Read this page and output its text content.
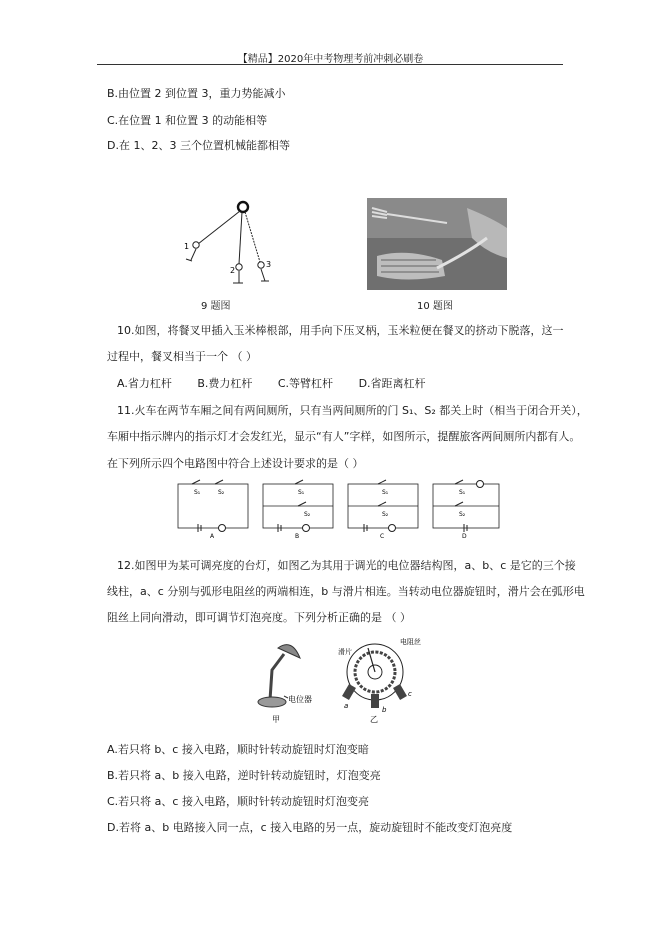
【精品】2020年中考物理考前冲刺必刷卷
B.由位置 2 到位置 3，重力势能减小
C.在位置 1 和位置 3 的动能相等
D.在 1、2、3 三个位置机械能都相等
1
2
3
9 题图	10 题图
10.如图，将餐叉甲插入玉米棒根部，用手向下压叉柄，玉米粒便在餐叉的挤动下脱落，这一
过程中，餐叉相当于一个 （ ）
A.省力杠杆 B.费力杠杆 C.等臂杠杆 D.省距离杠杆
11.火车在两节车厢之间有两间厕所，只有当两间厕所的门 S₁、S₂ 都关上时（相当于闭合开关），
车厢中指示牌内的指示灯才会发红光，显示“有人”字样，如图所示，提醒旅客两间厕所内都有人。
在下列所示四个电路图中符合上述设计要求的是（ ）
S₁	S₂
A
S₁
S₂
B
S₁
S₂
C
S₁
S₂
D
12.如图甲为某可调亮度的台灯，如图乙为其用于调光的电位器结构图，a、b、c 是它的三个接
线柱，a、c 分别与弧形电阻丝的两端相连，b 与滑片相连。当转动电位器旋钮时，滑片会在弧形电
阻丝上同向滑动，即可调节灯泡亮度。下列分析正确的是 （ ）
电位器
甲
滑片
电阻丝
a	b
c
乙
A.若只将 b、c 接入电路，顺时针转动旋钮时灯泡变暗
B.若只将 a、b 接入电路，逆时针转动旋钮时，灯泡变亮
C.若只将 a、c 接入电路，顺时针转动旋钮时灯泡变亮
D.若将 a、b 电路接入同一点，c 接入电路的另一点，旋动旋钮时不能改变灯泡亮度
